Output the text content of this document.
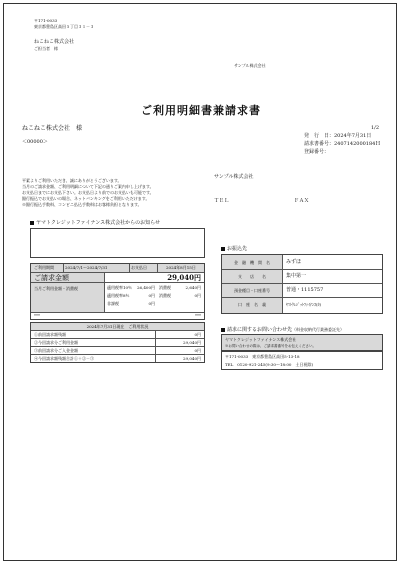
〒171-0033
東京都豊島区高田５丁目３１－３
ねこねこ株式会社
ご担当者　様
サンプル株式会社
ご利用明細書兼請求書
ねこねこ株式会社　様	1/2
発　行　日： 2024年7月31日
請求書番号： 2407142000184Ｈ
登録番号：
＜00000＞
平素よりご利用いただき、誠にありがとうございます。
当月のご請求金額、ご利用明細について下記の通りご案内申し上げます。
お支払日までにお支払下さい。お支払日より前でのお支払いも可能です。
銀行振込でお支払いの場合、ネットバンキングをご利用いただけます。
※銀行振込手数料、コンビニ払込手数料はお客様負担となります。
サンプル株式会社
ＴＥＬ	ＦＡＸ
ヤマトクレジットファイナンス株式会社からのお知らせ
ご利用期間	2024/7/1～2024/7/31	お支払日	2024年8月15日
ご請求金額	29,040円
当月ご利用金額・消費税	適用税率10％	26,400円 消費税	2,640円
適用税率8％	0円 消費税	0円
非課税	0円
***	***
2024年7月31日現在　ご利用状況
①前回請求額残額	0円
②今回請求分ご利用金額	29,040円
③前回請求分ご入金金額	0円
④今回請求額残額合計①＋②－③	29,040円
お振込先
金　融　機　関　名	みずほ
支　　店　　名	集中第一
預金種目・口座番号	普通・1115757
口　座　名　義	ﾔﾏﾄｸﾚｼﾞｯﾄﾌｧｲﾅﾝｽ(ｶ)
請求に関するお問い合わせ先（料金収納代行業務委託先）
ヤマトクレジットファイナンス株式会社
※お問い合わせの際は、ご請求書番号をお伝えください。
〒171-0033　 東京都豊島区高田5-13-18
TEL　0120-921-245(9:30～18:00　土日祝除)
